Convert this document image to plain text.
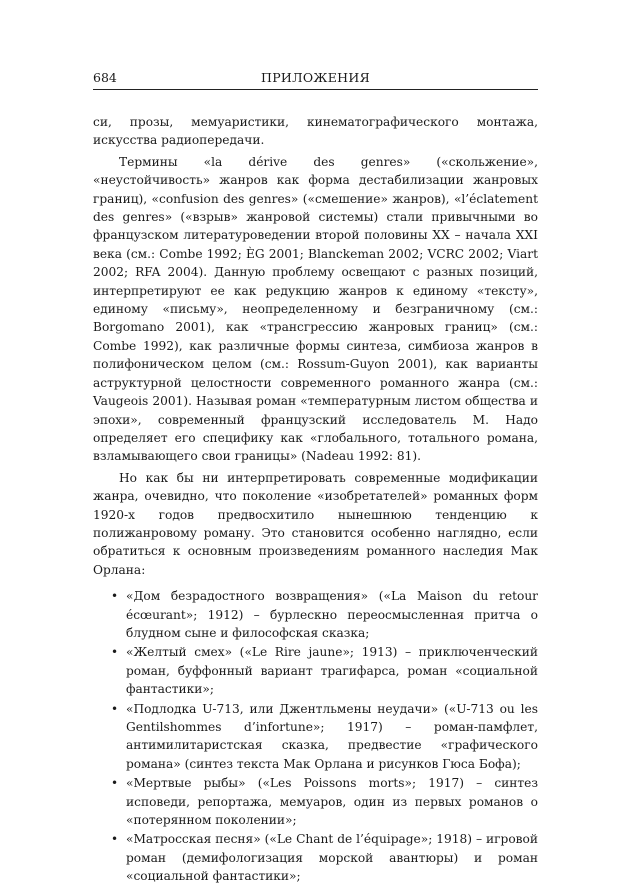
684	ПРИЛОЖЕНИЯ

си, прозы, мемуаристики, кинематографического монтажа, искусства радиопередачи.

Термины «la dérive des genres» («скольжение», «неустойчивость» жанров как форма дестабилизации жанровых границ), «confusion des genres» («смешение» жанров), «l’éclatement des genres» («взрыв» жанровой системы) стали привычными во французском литературоведении второй половины XX – начала XXI века (см.: Combe 1992; ÈG 2001; Blanckeman 2002; VCRC 2002; Viart 2002; RFA 2004). Данную проблему освещают с разных позиций, интерпретируют ее как редукцию жанров к единому «тексту», единому «письму», неопределенному и безграничному (см.: Borgomano 2001), как «трансгрессию жанровых границ» (см.: Combe 1992), как различные формы синтеза, симбиоза жанров в полифоническом целом (см.: Rossum-Guyon 2001), как варианты аструктурной целостности современного романного жанра (см.: Vaugeois 2001). Называя роман «температурным листом общества и эпохи», современный французский исследователь М. Надо определяет его специфику как «глобального, тотального романа, взламывающего свои границы» (Nadeau 1992: 81).

Но как бы ни интерпретировать современные модификации жанра, очевидно, что поколение «изобретателей» романных форм 1920-х годов предвосхитило нынешнюю тенденцию к полижанровому роману. Это становится особенно наглядно, если обратиться к основным произведениям романного наследия Мак Орлана:

• «Дом безрадостного возвращения» («La Maison du retour écœurant»; 1912) – бурлескно переосмысленная притча о блудном сыне и философская сказка;
• «Желтый смех» («Le Rire jaune»; 1913) – приключенческий роман, буффонный вариант трагифарса, роман «социальной фантастики»;
• «Подлодка U-713, или Джентльмены неудачи» («U-713 ou les Gentilshommes d’infortune»; 1917) – роман-памфлет, антимилитаристская сказка, предвестие «графического романа» (синтез текста Мак Орлана и рисунков Гюса Бофа);
• «Мертвые рыбы» («Les Poissons morts»; 1917) – синтез исповеди, репортажа, мемуаров, один из первых романов о «потерянном поколении»;
• «Матросская песня» («Le Chant de l’équipage»; 1918) – игровой роман (демифологизация морской авантюры) и роман «социальной фантастики»;
